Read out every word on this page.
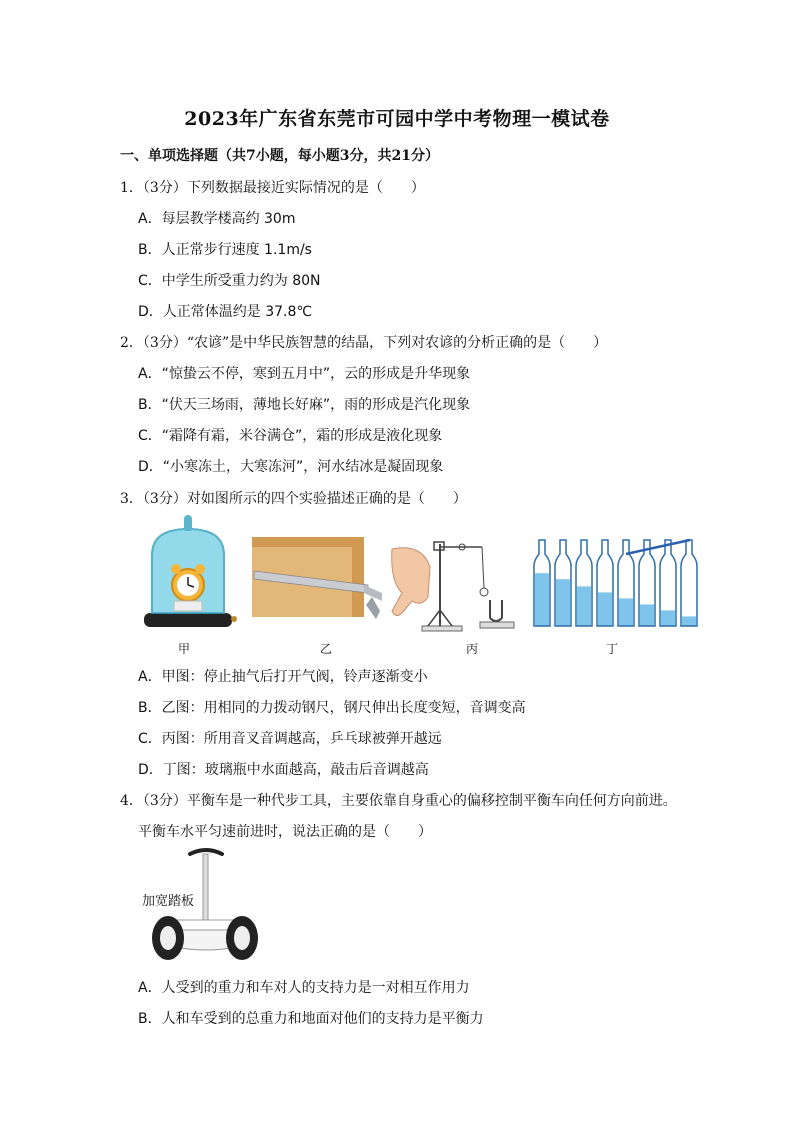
2023年广东省东莞市可园中学中考物理一模试卷
一、单项选择题（共7小题，每小题3分，共21分）
1．（3分）下列数据最接近实际情况的是（　　）
A．每层教学楼高约 30m
B．人正常步行速度 1.1m/s
C．中学生所受重力约为 80N
D．人正常体温约是 37.8℃
2．（3分）“农谚”是中华民族智慧的结晶，下列对农谚的分析正确的是（　　）
A．“惊蛰云不停，寒到五月中”，云的形成是升华现象
B．“伏天三场雨，薄地长好麻”，雨的形成是汽化现象
C．“霜降有霜，米谷满仓”，霜的形成是液化现象
D．“小寒冻土，大寒冻河”，河水结冰是凝固现象
3．（3分）对如图所示的四个实验描述正确的是（　　）
甲	乙	丙	丁
A．甲图：停止抽气后打开气阀，铃声逐渐变小
B．乙图：用相同的力拨动钢尺，钢尺伸出长度变短，音调变高
C．丙图：所用音叉音调越高，乒乓球被弹开越远
D．丁图：玻璃瓶中水面越高，敲击后音调越高
4．（3分）平衡车是一种代步工具，主要依靠自身重心的偏移控制平衡车向任何方向前进。
平衡车水平匀速前进时，说法正确的是（　　）
加宽踏板
A．人受到的重力和车对人的支持力是一对相互作用力
B．人和车受到的总重力和地面对他们的支持力是平衡力
